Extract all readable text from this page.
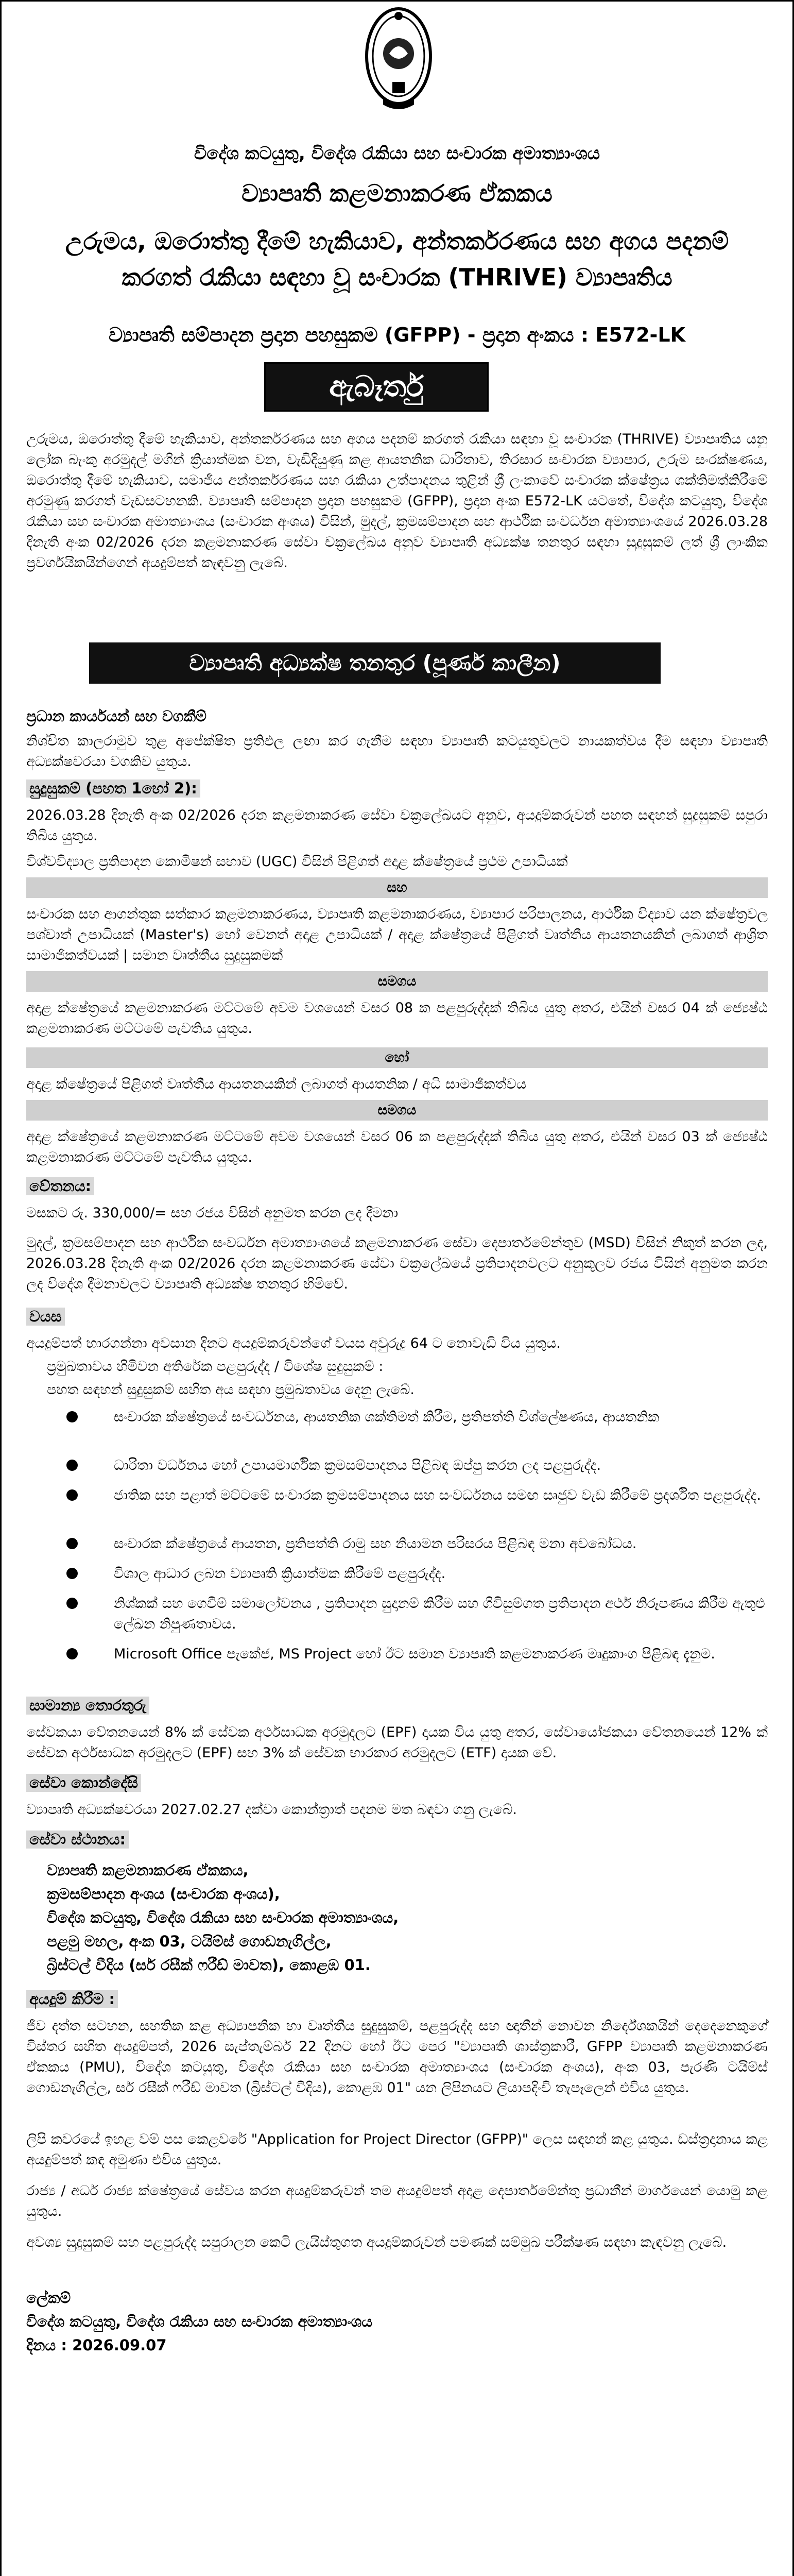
විදේශ කටයුතු, විදේශ රැකියා සහ සංචාරක අමාත්‍යාංශය
ව්‍යාපෘති කළමනාකරණ ඒකකය
උරුමය, ඔරොත්තු දීමේ හැකියාව, අන්තර්කරණය සහ අගය පදනම්
කරගත් රැකියා සඳහා වූ සංචාරක (THRIVE) ව්‍යාපෘතිය
ව්‍යාපෘති සම්පාදන ප්‍රදාන පහසුකම (GFPP) - ප්‍රදාන අංකය : E572-LK
ඇබෑර්තු
උරුමය, ඔරොත්තු දීමේ හැකියාව, අන්තර්කරණය සහ අගය පදනම් කරගත් රැකියා සඳහා වූ සංචාරක (THRIVE) ව්‍යාපෘතිය යනු ලෝක බැංකු අරමුදල් මගින් ක්‍රියාත්මක වන, වැඩිදියුණු කළ ආයතනික ධාරිතාව, තිරසාර සංචාරක ව්‍යාපාර, උරුම සංරක්ෂණය, ඔරොත්තු දීමේ හැකියාව, සමාජීය අන්තර්කරණය සහ රැකියා උත්පාදනය තුළින් ශ්‍රී ලංකාවේ සංචාරක ක්ෂේත්‍රය ශක්තිමත්කිරීමේ අරමුණු කරගත් වැඩසටහනකි. ව්‍යාපෘති සම්පාදන ප්‍රදාන පහසුකම (GFPP), ප්‍රදාන අංක E572-LK යටතේ, විදේශ කටයුතු, විදේශ රැකියා සහ සංචාරක අමාත්‍යාංශය (සංචාරක අංශය) විසින්, මුදල්, ක්‍රමසම්පාදන සහ ආර්ථික සංවර්ධන අමාත්‍යාංශයේ 2026.03.28 දිනැති අංක 02/2026 දරන කළමනාකරණ සේවා චක්‍රලේඛය අනුව ව්‍යාපෘති අධ්‍යක්ෂ තනතුර සඳහා සුදුසුකම් ලත් ශ්‍රී ලාංකික ප්‍රවර්ගයිකයින්ගෙන් අයදුම්පත් කැඳවනු ලැබේ.
ව්‍යාපෘති අධ්‍යක්ෂ තනතුර (පූර්ණ කාලීන)
ප්‍රධාන කාර්යයන් සහ වගකීම්
නිශ්චිත කාලරාමුව තුළ අපේක්ෂිත ප්‍රතිඵල ලඟා කර ගැනීම සඳහා ව්‍යාපෘති කටයුතුවලට නායකත්වය දීම සඳහා ව්‍යාපෘති අධ්‍යක්ෂවරයා වගකිව යුතුය.
සුදුසුකම් (පහත 1හෝ 2):
2026.03.28 දිනැති අංක 02/2026 දරන කළමනාකරණ සේවා චක්‍රලේඛයට අනුව, අයදුම්කරුවන් පහත සඳහන් සුදුසුකම් සපුරා තිබිය යුතුය.
විශ්වවිද්‍යාල ප්‍රතිපාදන කොමිෂන් සභාව (UGC) විසින් පිළිගත් අදාළ ක්ෂේත්‍රයේ ප්‍රථම උපාධියක්
සහ
සංචාරක සහ ආගන්තුක සත්කාර කළමනාකරණය, ව්‍යාපෘති කළමනාකරණය, ව්‍යාපාර පරිපාලනය, ආර්ථික විද්‍යාව යන ක්ෂේත්‍රවල පශ්චාත් උපාධියක් (Master's) හෝ වෙනත් අදාළ උපාධියක් / අදාළ ක්ෂේත්‍රයේ පිළිගත් වෘත්තීය ආයතනයකින් ලබාගත් ආශ්‍රිත සාමාජිකත්වයක් | සමාන වෘත්තීය සුදුසුකමක්
සමගය
අදාළ ක්ෂේත්‍රයේ කළමනාකරණ මට්ටමේ අවම වශයෙන් වසර 08 ක පළපුරුද්දක් තිබිය යුතු අතර, එයින් වසර 04 ක් ජ්‍යෙෂ්ඨ කළමනාකරණ මට්ටමේ පැවතිය යුතුය.
හෝ
අදාළ ක්ෂේත්‍රයේ පිළිගත් වෘත්තීය ආයතනයකින් ලබාගත් ආයතනික / අධි සාමාජිකත්වය
සමගය
අදාළ ක්ෂේත්‍රයේ කළමනාකරණ මට්ටමේ අවම වශයෙන් වසර 06 ක පළපුරුද්දක් තිබිය යුතු අතර, එයින් වසර 03 ක් ජ්‍යෙෂ්ඨ කළමනාකරණ මට්ටමේ පැවතිය යුතුය.
වේතනය:
මසකට රු. 330,000/= සහ රජය විසින් අනුමත කරන ලද දීමනා
මුදල්, ක්‍රමසම්පාදන සහ ආර්ථික සංවර්ධන අමාත්‍යාංශයේ කළමනාකරණ සේවා දෙපාර්තමේන්තුව (MSD) විසින් නිකුත් කරන ලද, 2026.03.28 දිනැති අංක 02/2026 දරන කළමනාකරණ සේවා චක්‍රලේඛයේ ප්‍රතිපාදනවලට අනුකූලව රජය විසින් අනුමත කරන ලද විදේශ දීමනාවලට ව්‍යාපෘති අධ්‍යක්ෂ තනතුර හිමිවේ.
වයස
අයදුම්පත් භාරගන්නා අවසාන දිනට අයදුම්කරුවන්ගේ වයස අවුරුදු 64 ට නොවැඩි විය යුතුය.
ප්‍රමුඛතාවය හිමිවන අතිරේක පළපුරුද්ද / විශේෂ සුදුසුකම් :
පහත සඳහන් සුදුසුකම් සහිත අය සඳහා ප්‍රමුඛතාවය දෙනු ලැබේ.
සංචාරක ක්ෂේත්‍රයේ සංවර්ධනය, ආයතනික ශක්තිමත් කිරීම, ප්‍රතිපත්ති විශ්ලේෂණය, ආයතනික
ධාරිතා වර්ධනය හෝ උපායමාර්ගික ක්‍රමසම්පාදනය පිළිබඳ ඔප්පු කරන ලද පළපුරුද්ද.
ජාතික සහ පළාත් මට්ටමේ සංචාරක ක්‍රමසම්පාදනය සහ සංවර්ධනය සමඟ සෘජුව වැඩ කිරීමේ ප්‍රදර්ශිත පළපුරුද්ද.
සංචාරක ක්ෂේත්‍රයේ ආයතන, ප්‍රතිපත්ති රාමු සහ නියාමන පරිසරය පිළිබඳ මනා අවබෝධය.
විශාල ආධාර ලබන ව්‍යාපෘති ක්‍රියාත්මක කිරීමේ පළපුරුද්ද.
නිශ්කක් සහ ගෙවීම් සමාලෝචනය , ප්‍රතිපාදන සුදානම් කිරීම සහ ගිවිසුම්ගත ප්‍රතිපාදන අර්ථ නිරූපණය කිරීම ඇතුළු ලේඛන නිපුණතාවය.
Microsoft Office පැකේජ, MS Project හෝ ඊට සමාන ව්‍යාපෘති කළමනාකරණ මෘදුකාංග පිළිබඳ දැනුම.
සාමාන්‍ය තොරතුරු
සේවකයා වේතනයෙන් 8% ක් සේවක අර්ථසාධක අරමුදලට (EPF) දායක විය යුතු අතර, සේවායෝජකයා වේතනයෙන් 12% ක් සේවක අර්ථසාධක අරමුදලට (EPF) සහ 3% ක් සේවක භාරකාර අරමුදලට (ETF) දායක වේ.
සේවා කොන්දේසි
ව්‍යාපෘති අධ්‍යක්ෂවරයා 2027.02.27 දක්වා කොන්ත්‍රාත් පදනම මත බඳවා ගනු ලැබේ.
සේවා ස්ථානය:
ව්‍යාපෘති කළමනාකරණ ඒකකය,
ක්‍රමසම්පාදන අංශය (සංචාරක අංශය),
විදේශ කටයුතු, විදේශ රැකියා සහ සංචාරක අමාත්‍යාංශය,
පළමු මහල, අංක 03, ටයිම්ස් ගොඩනැගිල්ල,
බ්‍රිස්ටල් වීදිය (සර් රසීක් ෆරීඩ් මාවත), කොළඹ 01.
අයදුම් කිරීම :
ජීව දත්ත සටහන, සහතික කළ අධ්‍යාපනික හා වෘත්තීය සුදුසුකම්, පළපුරුද්ද සහ ඥාතීන් නොවන නිර්දේශකයින් දෙදෙනෙකුගේ විස්තර සහිත අයදුම්පත්, 2026 සැප්තැම්බර් 22 දිනට හෝ ඊට පෙර "ව්‍යාපෘති ශාස්ත්‍රකාරී, GFPP ව්‍යාපෘති කළමනාකරණ ඒකකය (PMU), විදේශ කටයුතු, විදේශ රැකියා සහ සංචාරක අමාත්‍යාංශය (සංචාරක අංශය), අංක 03, පැරණි ටයිම්ස් ගොඩනැගිල්ල, සර් රසීක් ෆරීඩ් මාවත (බ්‍රිස්ටල් වීදිය), කොළඹ 01" යන ලිපිනයට ලියාපදිංචි තැපෑලෙන් එවිය යුතුය.
ලිපි කවරයේ ඉහළ වම් පස කෙළවරේ "Application for Project Director (GFPP)" ලෙස සඳහන් කළ යුතුය. ඩස්ත්‍රදානාය කළ අයදුම්පත් කඳ අමුණා එවිය යුතුය.
රාජ්‍ය / අර්ධ රාජ්‍ය ක්ෂේත්‍රයේ සේවය කරන අයදුම්කරුවන් තම අයදුම්පත් අදාළ දෙපාර්තමේන්තු ප්‍රධානීන් මාර්ගයෙන් යොමු කළ යුතුය.
අවශ්‍ය සුදුසුකම් සහ පළපුරුද්ද සපුරාලන කෙටි ලැයිස්තුගත අයදුම්කරුවන් පමණක් සම්මුඛ පරීක්ෂණ සඳහා කැඳවනු ලැබේ.
ලේකම්
විදේශ කටයුතු, විදේශ රැකියා සහ සංචාරක අමාත්‍යාංශය
දිනය : 2026.09.07
